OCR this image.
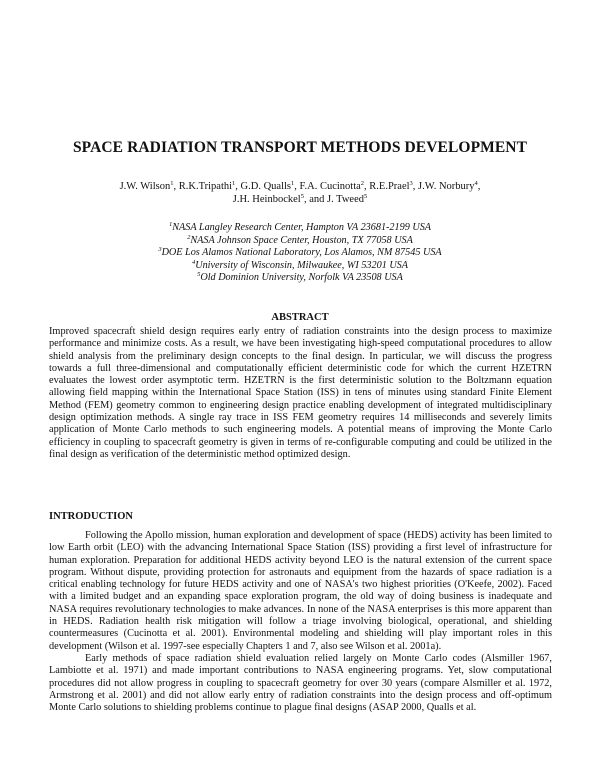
SPACE RADIATION TRANSPORT METHODS DEVELOPMENT
J.W. Wilson$^1$, R.K.Tripathi$^1$, G.D. Qualls$^1$, F.A. Cucinotta$^2$, R.E.Prael$^3$, J.W. Norbury$^4$,
J.H. Heinbockel$^5$, and J. Tweed$^5$
$^1$NASA Langley Research Center, Hampton VA 23681-2199 USA
$^2$NASA Johnson Space Center, Houston, TX 77058 USA
$^3$DOE Los Alamos National Laboratory, Los Alamos, NM 87545 USA
$^4$University of Wisconsin, Milwaukee, WI 53201 USA
$^5$Old Dominion University, Norfolk VA 23508 USA
ABSTRACT
Improved spacecraft shield design requires early entry of radiation constraints into the design process to maximize performance and minimize costs. As a result, we have been investigating high-speed computational procedures to allow shield analysis from the preliminary design concepts to the final design. In particular, we will discuss the progress towards a full three-dimensional and computationally efficient deterministic code for which the current HZETRN evaluates the lowest order asymptotic term. HZETRN is the first deterministic solution to the Boltzmann equation allowing field mapping within the International Space Station (ISS) in tens of minutes using standard Finite Element Method (FEM) geometry common to engineering design practice enabling development of integrated multidisciplinary design optimization methods. A single ray trace in ISS FEM geometry requires 14 milliseconds and severely limits application of Monte Carlo methods to such engineering models. A potential means of improving the Monte Carlo efficiency in coupling to spacecraft geometry is given in terms of re-configurable computing and could be utilized in the final design as verification of the deterministic method optimized design.
INTRODUCTION

Following the Apollo mission, human exploration and development of space (HEDS) activity has been limited to low Earth orbit (LEO) with the advancing International Space Station (ISS) providing a first level of infrastructure for human exploration. Preparation for additional HEDS activity beyond LEO is the natural extension of the current space program. Without dispute, providing protection for astronauts and equipment from the hazards of space radiation is a critical enabling technology for future HEDS activity and one of NASA's two highest priorities (O'Keefe, 2002). Faced with a limited budget and an expanding space exploration program, the old way of doing business is inadequate and NASA requires revolutionary technologies to make advances. In none of the NASA enterprises is this more apparent than in HEDS. Radiation health risk mitigation will follow a triage involving biological, operational, and shielding countermeasures (Cucinotta et al. 2001). Environmental modeling and shielding will play important roles in this development (Wilson et al. 1997-see especially Chapters 1 and 7, also see Wilson et al. 2001a).

Early methods of space radiation shield evaluation relied largely on Monte Carlo codes (Alsmiller 1967, Lambiotte et al. 1971) and made important contributions to NASA engineering programs. Yet, slow computational procedures did not allow progress in coupling to spacecraft geometry for over 30 years (compare Alsmiller et al. 1972, Armstrong et al. 2001) and did not allow early entry of radiation constraints into the design process and off-optimum Monte Carlo solutions to shielding problems continue to plague final designs (ASAP 2000, Qualls et al.
